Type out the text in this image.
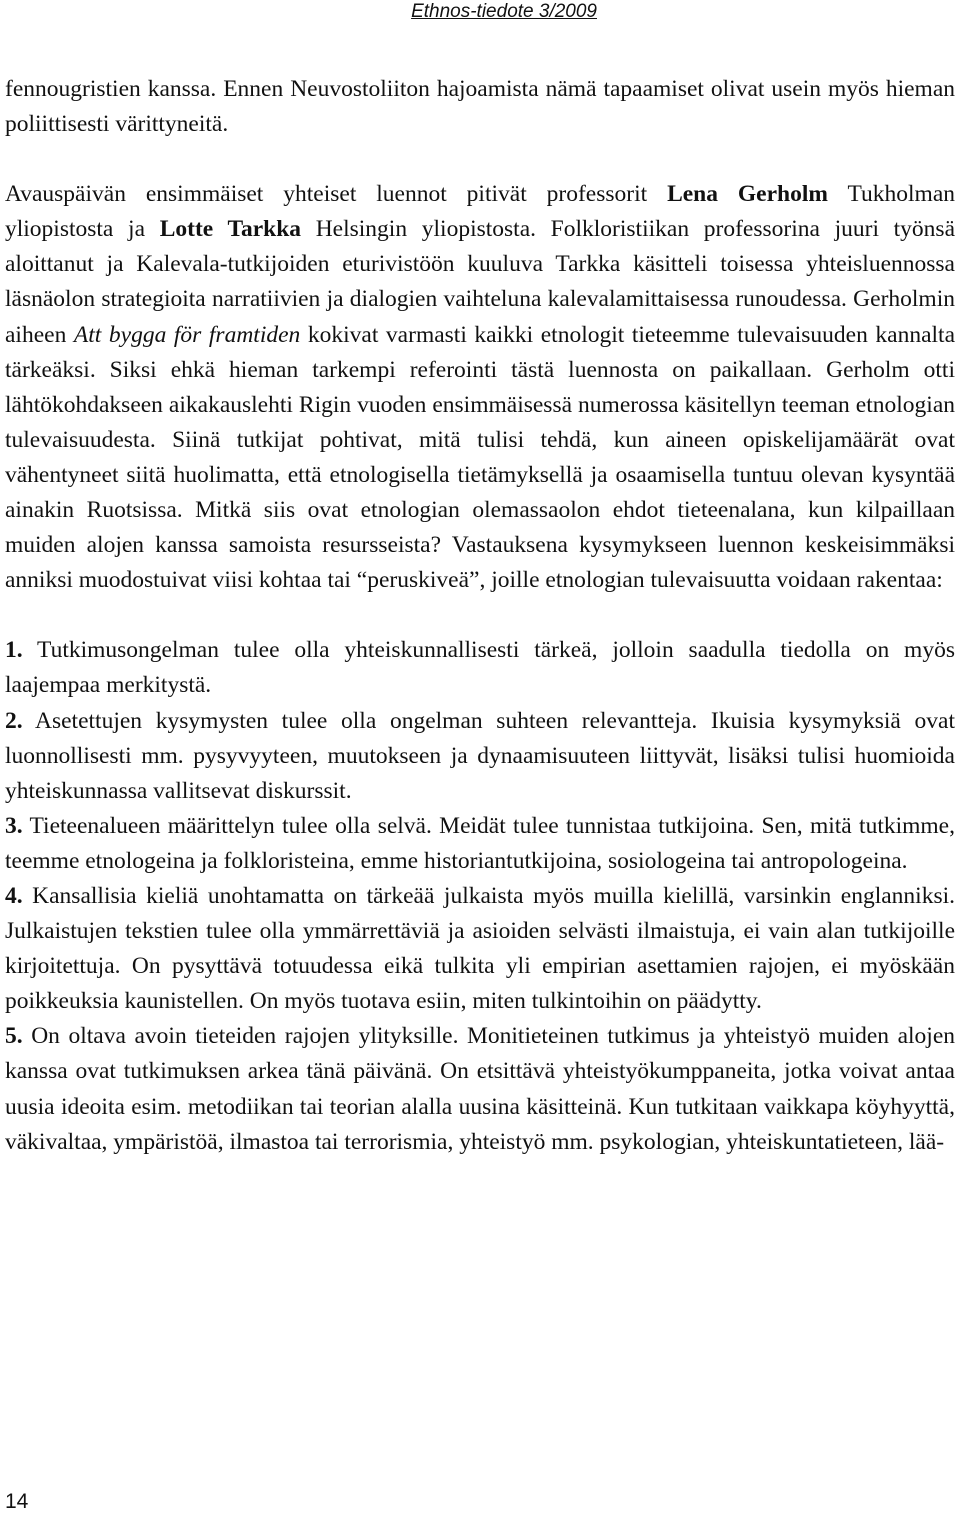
Ethnos-tiedote 3/2009

fennougristien kanssa. Ennen Neuvostoliiton hajoamista nämä tapaamiset olivat usein myös hieman poliittisesti värittyneitä.

Avauspäivän ensimmäiset yhteiset luennot pitivät professorit Lena Gerholm Tukholman yliopistosta ja Lotte Tarkka Helsingin yliopistosta. Folkloristiikan professorina juuri työnsä aloittanut ja Kalevala-tutkijoiden eturivistöön kuuluva Tarkka käsitteli toisessa yhteisluennossa läsnäolon strategioita narratiivien ja dialogien vaihteluna kalevalamittaisessa runoudessa. Gerholmin aiheen Att bygga för framtiden kokivat varmasti kaikki etnologit tieteemme tulevaisuuden kannalta tärkeäksi. Siksi ehkä hieman tarkempi referointi tästä luennosta on paikallaan. Gerholm otti lähtökohdakseen aikakauslehti Rigin vuoden ensimmäisessä numerossa käsitellyn teeman etnologian tulevaisuudesta. Siinä tutkijat pohtivat, mitä tulisi tehdä, kun aineen opiskelijamäärät ovat vähentyneet siitä huolimatta, että etnologisella tietämyksellä ja osaamisella tuntuu olevan kysyntää ainakin Ruotsissa. Mitkä siis ovat etnologian olemassaolon ehdot tieteenalana, kun kilpaillaan muiden alojen kanssa samoista resursseista? Vastauksena kysymykseen luennon keskeisimmäksi anniksi muodostuivat viisi kohtaa tai “peruskiveä”, joille etnologian tulevaisuutta voidaan rakentaa:

1. Tutkimusongelman tulee olla yhteiskunnallisesti tärkeä, jolloin saadulla tiedolla on myös laajempaa merkitystä.

2. Asetettujen kysymysten tulee olla ongelman suhteen relevantteja. Ikuisia kysymyksiä ovat luonnollisesti mm. pysyvyyteen, muutokseen ja dynaamisuuteen liittyvät, lisäksi tulisi huomioida yhteiskunnassa vallitsevat diskurssit.

3. Tieteenalueen määrittelyn tulee olla selvä. Meidät tulee tunnistaa tutkijoina. Sen, mitä tutkimme, teemme etnologeina ja folkloristeina, emme historiantutkijoina, sosiologeina tai antropologeina.

4. Kansallisia kieliä unohtamatta on tärkeää julkaista myös muilla kielillä, varsinkin englanniksi. Julkaistujen tekstien tulee olla ymmärrettäviä ja asioiden selvästi ilmaistuja, ei vain alan tutkijoille kirjoitettuja. On pysyttävä totuudessa eikä tulkita yli empirian asettamien rajojen, ei myöskään poikkeuksia kaunistellen. On myös tuotava esiin, miten tulkintoihin on päädytty.

5. On oltava avoin tieteiden rajojen ylityksille. Monitieteinen tutkimus ja yhteistyö muiden alojen kanssa ovat tutkimuksen arkea tänä päivänä. On etsittävä yhteistyökumppaneita, jotka voivat antaa uusia ideoita esim. metodiikan tai teorian alalla uusina käsitteinä. Kun tutkitaan vaikkapa köyhyyttä, väkivaltaa, ympäristöä, ilmastoa tai terrorismia, yhteistyö mm. psykologian, yhteiskuntatieteen, lää-

14
